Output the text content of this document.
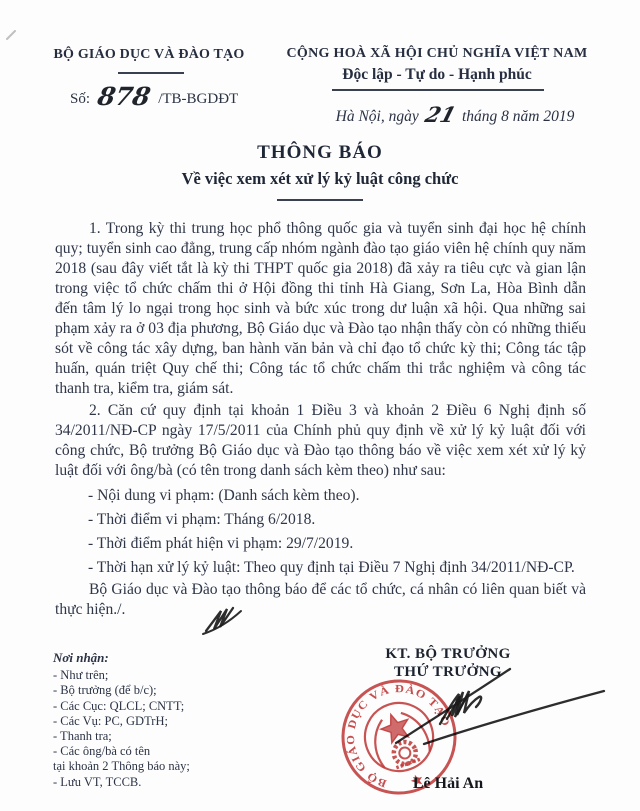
BỘ GIÁO DỤC VÀ ĐÀO TẠO
Số: 878 /TB-BGDĐT
CỘNG HOÀ XÃ HỘI CHỦ NGHĨA VIỆT NAM
Độc lập - Tự do - Hạnh phúc
Hà Nội, ngày 21 tháng 8 năm 2019
THÔNG BÁO
Về việc xem xét xử lý kỷ luật công chức

1. Trong kỳ thi trung học phổ thông quốc gia và tuyển sinh đại học hệ chính quy; tuyển sinh cao đẳng, trung cấp nhóm ngành đào tạo giáo viên hệ chính quy năm 2018 (sau đây viết tắt là kỳ thi THPT quốc gia 2018) đã xảy ra tiêu cực và gian lận trong việc tổ chức chấm thi ở Hội đồng thi tỉnh Hà Giang, Sơn La, Hòa Bình dẫn đến tâm lý lo ngại trong học sinh và bức xúc trong dư luận xã hội. Qua những sai phạm xảy ra ở 03 địa phương, Bộ Giáo dục và Đào tạo nhận thấy còn có những thiếu sót về công tác xây dựng, ban hành văn bản và chỉ đạo tổ chức kỳ thi; Công tác tập huấn, quán triệt Quy chế thi; Công tác tổ chức chấm thi trắc nghiệm và công tác thanh tra, kiểm tra, giám sát.

2. Căn cứ quy định tại khoản 1 Điều 3 và khoản 2 Điều 6 Nghị định số 34/2011/NĐ-CP ngày 17/5/2011 của Chính phủ quy định về xử lý kỷ luật đối với công chức, Bộ trưởng Bộ Giáo dục và Đào tạo thông báo về việc xem xét xử lý kỷ luật đối với ông/bà (có tên trong danh sách kèm theo) như sau:

- Nội dung vi phạm: (Danh sách kèm theo).
- Thời điểm vi phạm: Tháng 6/2018.
- Thời điểm phát hiện vi phạm: 29/7/2019.
- Thời hạn xử lý kỷ luật: Theo quy định tại Điều 7 Nghị định 34/2011/NĐ-CP.

Bộ Giáo dục và Đào tạo thông báo để các tổ chức, cá nhân có liên quan biết và thực hiện./.

Nơi nhận:
- Như trên;
- Bộ trưởng (để b/c);
- Các Cục: QLCL; CNTT;
- Các Vụ: PC, GDTrH;
- Thanh tra;
- Các ông/bà có tên
tại khoản 2 Thông báo này;
- Lưu VT, TCCB.
KT. BỘ TRƯỞNG
THỨ TRƯỞNG
Lê Hải An
BỘ GIÁO DỤC VÀ ĐÀO TẠO
